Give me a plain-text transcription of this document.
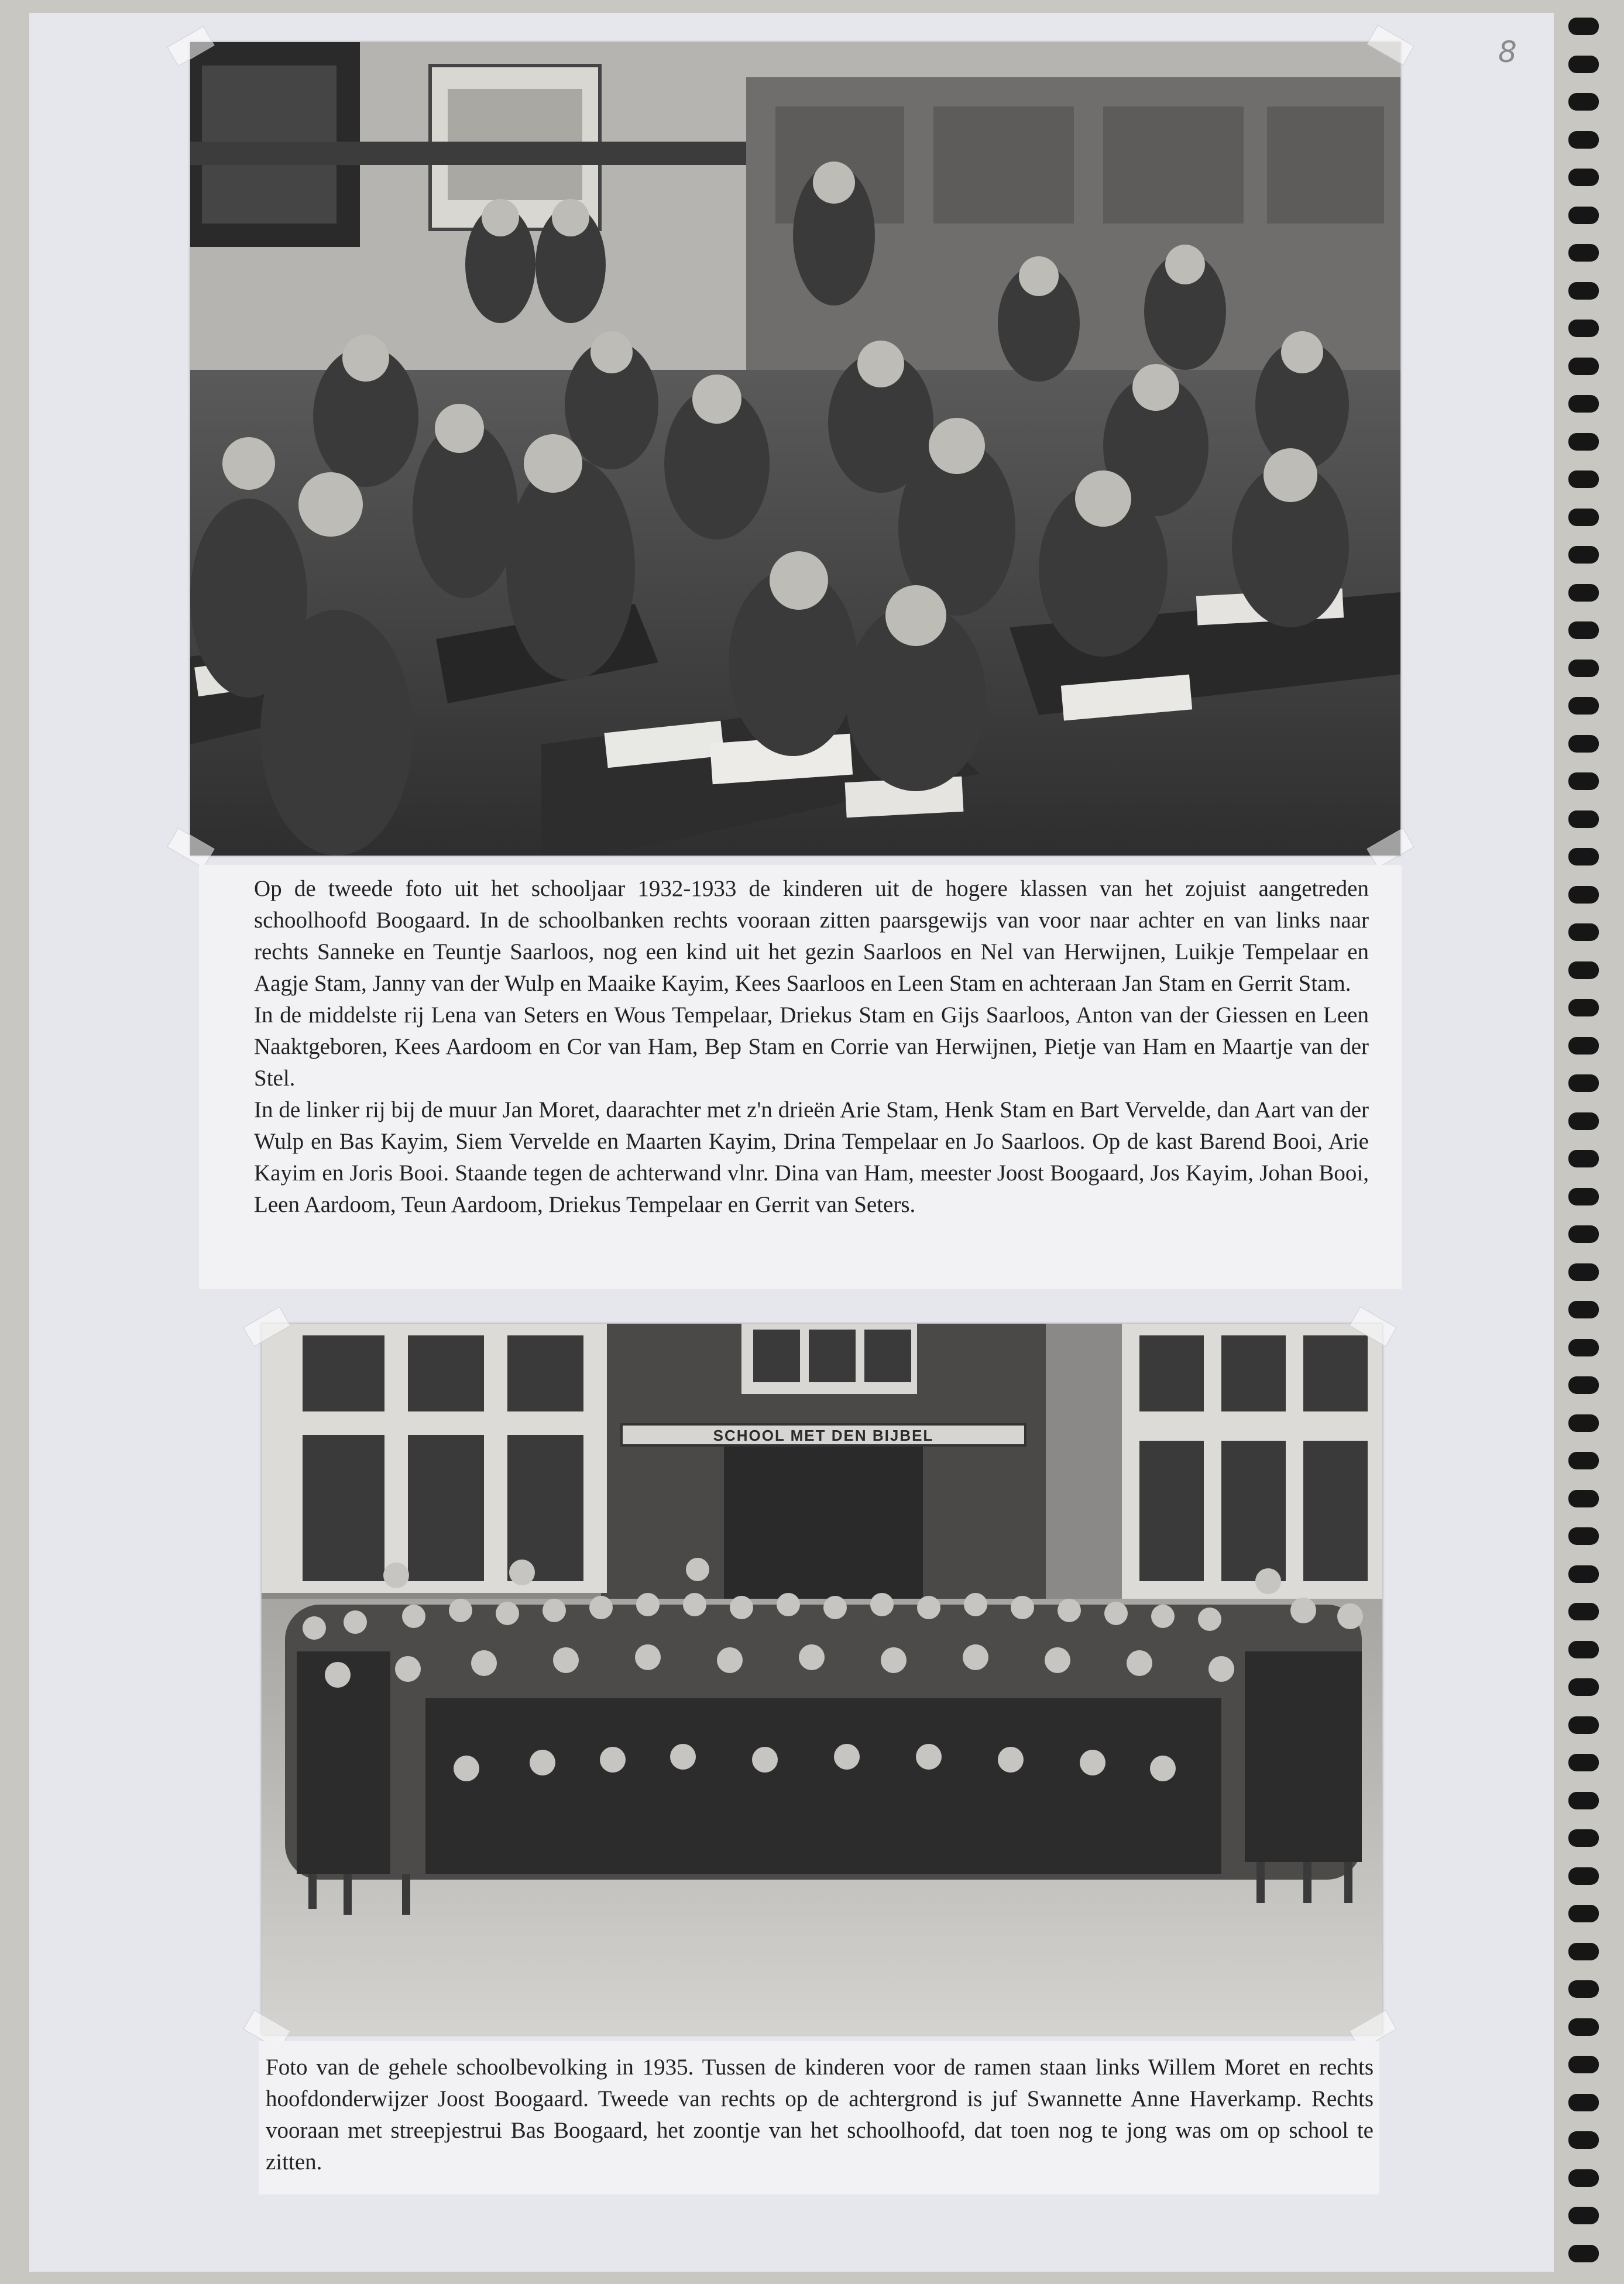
8

Op de tweede foto uit het schooljaar 1932-1933 de kinderen uit de hogere klassen van het zojuist aangetreden schoolhoofd Boogaard. In de schoolbanken rechts vooraan zitten paarsgewijs van voor naar achter en van links naar rechts Sanneke en Teuntje Saarloos, nog een kind uit het gezin Saarloos en Nel van Herwijnen, Luikje Tempelaar en Aagje Stam, Janny van der Wulp en Maaike Kayim, Kees Saarloos en Leen Stam en achteraan Jan Stam en Gerrit Stam.

In de middelste rij Lena van Seters en Wous Tempelaar, Driekus Stam en Gijs Saarloos, Anton van der Giessen en Leen Naaktgeboren, Kees Aardoom en Cor van Ham, Bep Stam en Corrie van Herwijnen, Pietje van Ham en Maartje van der Stel.

In de linker rij bij de muur Jan Moret, daarachter met z'n drieën Arie Stam, Henk Stam en Bart Vervelde, dan Aart van der Wulp en Bas Kayim, Siem Vervelde en Maarten Kayim, Drina Tempelaar en Jo Saarloos. Op de kast Barend Booi, Arie Kayim en Joris Booi. Staande tegen de achterwand vlnr. Dina van Ham, meester Joost Boogaard, Jos Kayim, Johan Booi, Leen Aardoom, Teun Aardoom, Driekus Tempelaar en Gerrit van Seters.

SCHOOL MET DEN BIJBEL

Foto van de gehele schoolbevolking in 1935. Tussen de kinderen voor de ramen staan links Willem Moret en rechts hoofdonderwijzer Joost Boogaard. Tweede van rechts op de achtergrond is juf Swannette Anne Haverkamp. Rechts vooraan met streepjestrui Bas Boogaard, het zoontje van het schoolhoofd, dat toen nog te jong was om op school te zitten.
